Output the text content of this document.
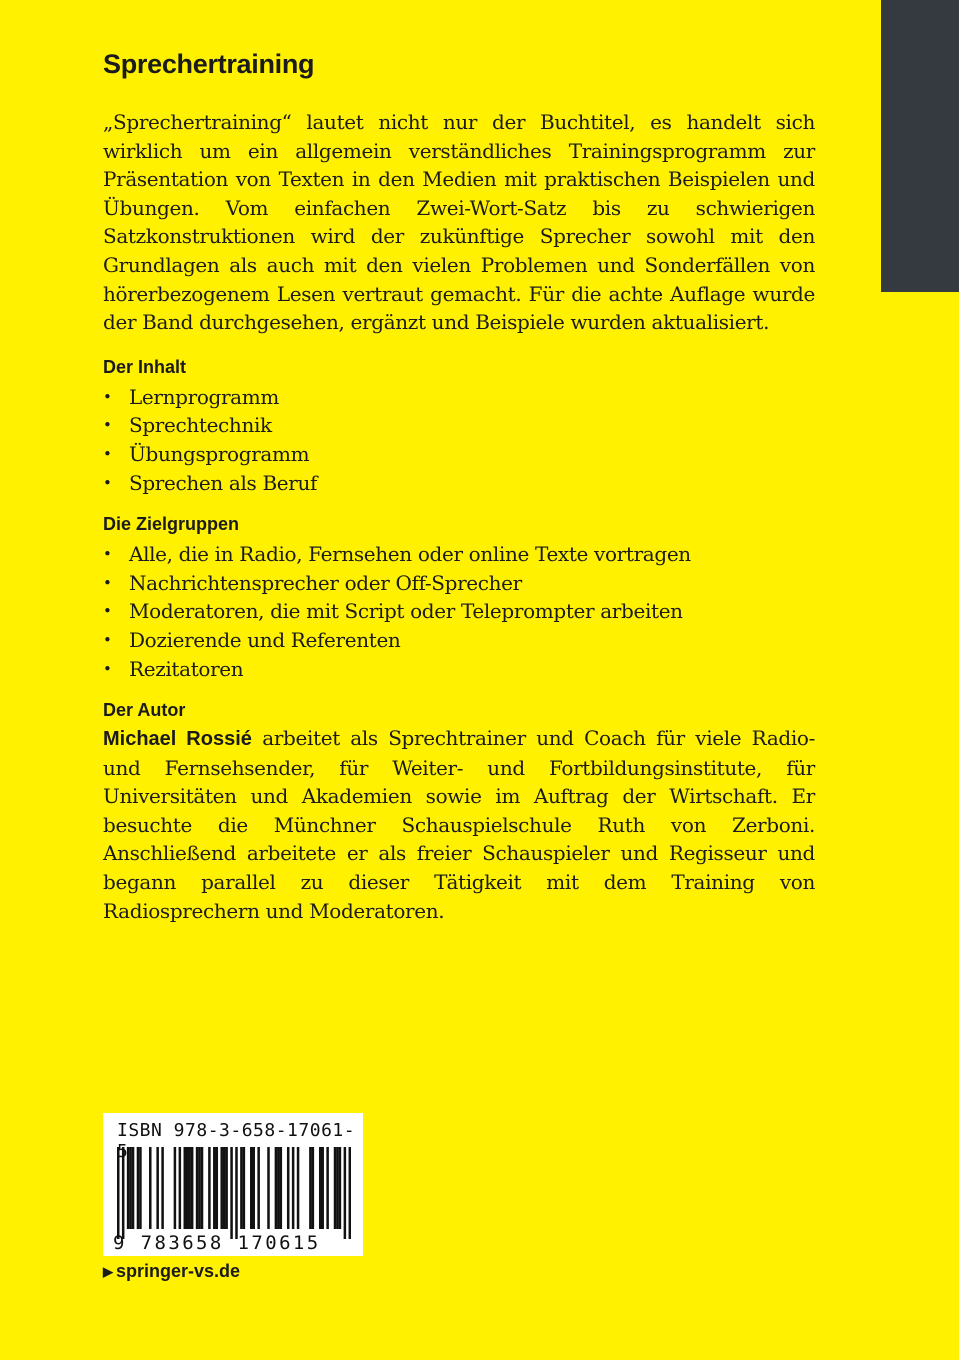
Sprechertraining

„Sprechertraining“ lautet nicht nur der Buchtitel, es handelt sich wirklich um ein allgemein verständliches Trainingsprogramm zur Präsentation von Texten in den Medien mit praktischen Beispielen und Übungen. Vom einfachen Zwei-Wort-Satz bis zu schwierigen Satzkonstruktionen wird der zukünftige Sprecher sowohl mit den Grundlagen als auch mit den vielen Problemen und Sonderfällen von hörerbezogenem Lesen vertraut gemacht. Für die achte Auflage wurde der Band durchgesehen, ergänzt und Beispiele wurden aktualisiert.

Der Inhalt
• Lernprogramm
• Sprechtechnik
• Übungsprogramm
• Sprechen als Beruf
Die Zielgruppen
• Alle, die in Radio, Fernsehen oder online Texte vortragen
• Nachrichtensprecher oder Off-Sprecher
• Moderatoren, die mit Script oder Teleprompter arbeiten
• Dozierende und Referenten
• Rezitatoren
Der Autor

Michael Rossié arbeitet als Sprechtrainer und Coach für viele Radio- und Fernsehsender, für Weiter- und Fortbildungsinstitute, für Universitäten und Akademien sowie im Auftrag der Wirtschaft. Er besuchte die Münchner Schauspielschule Ruth von Zerboni. Anschließend arbeitete er als freier Schauspieler und Regisseur und begann parallel zu dieser Tätigkeit mit dem Training von Radiosprechern und Moderatoren.

ISBN 978-3-658-17061-
9 783658 170615
▶ springer-vs.de
